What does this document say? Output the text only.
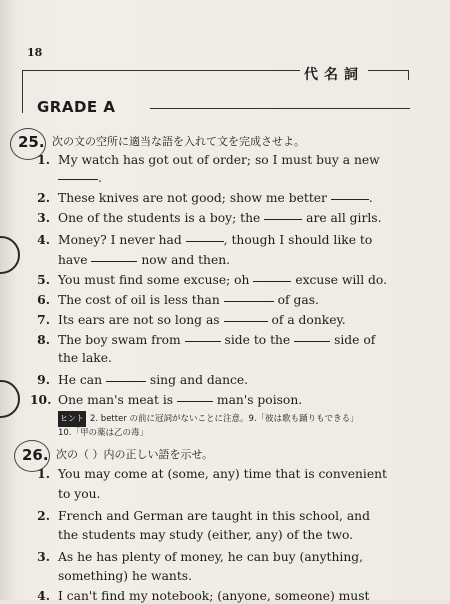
18
代名詞
GRADE A
25. 次の文の空所に適当な語を入れて文を完成させよ。
1. My watch has got out of order; so I must buy a new
.
2. These knives are not good; show me better	.
3. One of the students is a boy; the	are all girls.
4. Money? I never had	, though I should like to
have	now and then.
5. You must find some excuse; oh	excuse will do.
6. The cost of oil is less than	of gas.
7. Its ears are not so long as	of a donkey.
8. The boy swam from	side to the	side of
the lake.
9. He can	sing and dance.
10. One man's meat is	man's poison.
ヒント 2. better の前に冠詞がないことに注意。9.「彼は歌も踊りもできる」
10.「甲の薬は乙の毒」
26. 次の（ ）内の正しい語を示せ。
1. You may come at (some, any) time that is convenient
to you.
2. French and German are taught in this school, and
the students may study (either, any) of the two.
3. As he has plenty of money, he can buy (anything,
something) he wants.
4. I can't find my notebook; (anyone, someone) must
